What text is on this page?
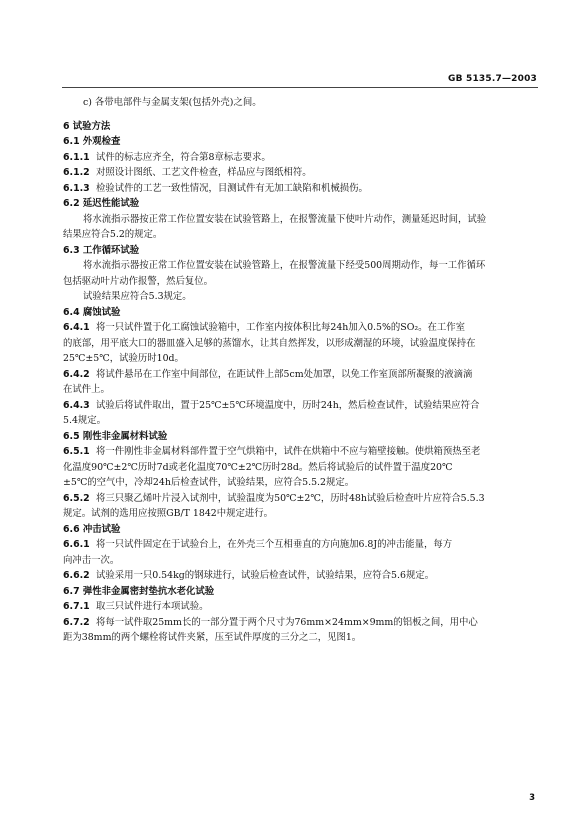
GB 5135.7—2003
c) 各带电部件与金属支架(包括外壳)之间。
6 试验方法
6.1 外观检查
6.1.1 试件的标志应齐全，符合第8章标志要求。
6.1.2 对照设计图纸、工艺文件检查，样品应与图纸相符。
6.1.3 检验试件的工艺一致性情况，目测试件有无加工缺陷和机械损伤。
6.2 延迟性能试验
将水流指示器按正常工作位置安装在试验管路上，在报警流量下使叶片动作，测量延迟时间，试验
结果应符合5.2的规定。
6.3 工作循环试验
将水流指示器按正常工作位置安装在试验管路上，在报警流量下经受500周期动作，每一工作循环
包括驱动叶片动作报警，然后复位。
试验结果应符合5.3规定。
6.4 腐蚀试验
6.4.1 将一只试件置于化工腐蚀试验箱中，工作室内按体积比每24h加入0.5%的SO₂。在工作室
的底部，用平底大口的器皿盛入足够的蒸馏水，让其自然挥发，以形成潮湿的环境，试验温度保持在
25℃±5℃，试验历时10d。
6.4.2 将试件悬吊在工作室中间部位，在距试件上部5cm处加罩，以免工作室顶部所凝聚的液滴滴
在试件上。
6.4.3 试验后将试件取出，置于25℃±5℃环境温度中，历时24h，然后检查试件，试验结果应符合
5.4规定。
6.5 刚性非金属材料试验
6.5.1 将一件刚性非金属材料部件置于空气烘箱中，试件在烘箱中不应与箱壁接触。使烘箱预热至老
化温度90℃±2℃历时7d或老化温度70℃±2℃历时28d。然后将试验后的试件置于温度20℃
±5℃的空气中，冷却24h后检查试件，试验结果，应符合5.5.2规定。
6.5.2 将三只聚乙烯叶片浸入试剂中，试验温度为50℃±2℃，历时48h试验后检查叶片应符合5.5.3
规定。试剂的选用应按照GB/T 1842中规定进行。
6.6 冲击试验
6.6.1 将一只试件固定在于试验台上，在外壳三个互相垂直的方向施加6.8J的冲击能量，每方
向冲击一次。
6.6.2 试验采用一只0.54kg的钢球进行，试验后检查试件，试验结果，应符合5.6规定。
6.7 弹性非金属密封垫抗水老化试验
6.7.1 取三只试件进行本项试验。
6.7.2 将每一试件取25mm长的一部分置于两个尺寸为76mm×24mm×9mm的铝板之间，用中心
距为38mm的两个螺栓将试件夹紧，压至试件厚度的三分之二，见图1。
3
